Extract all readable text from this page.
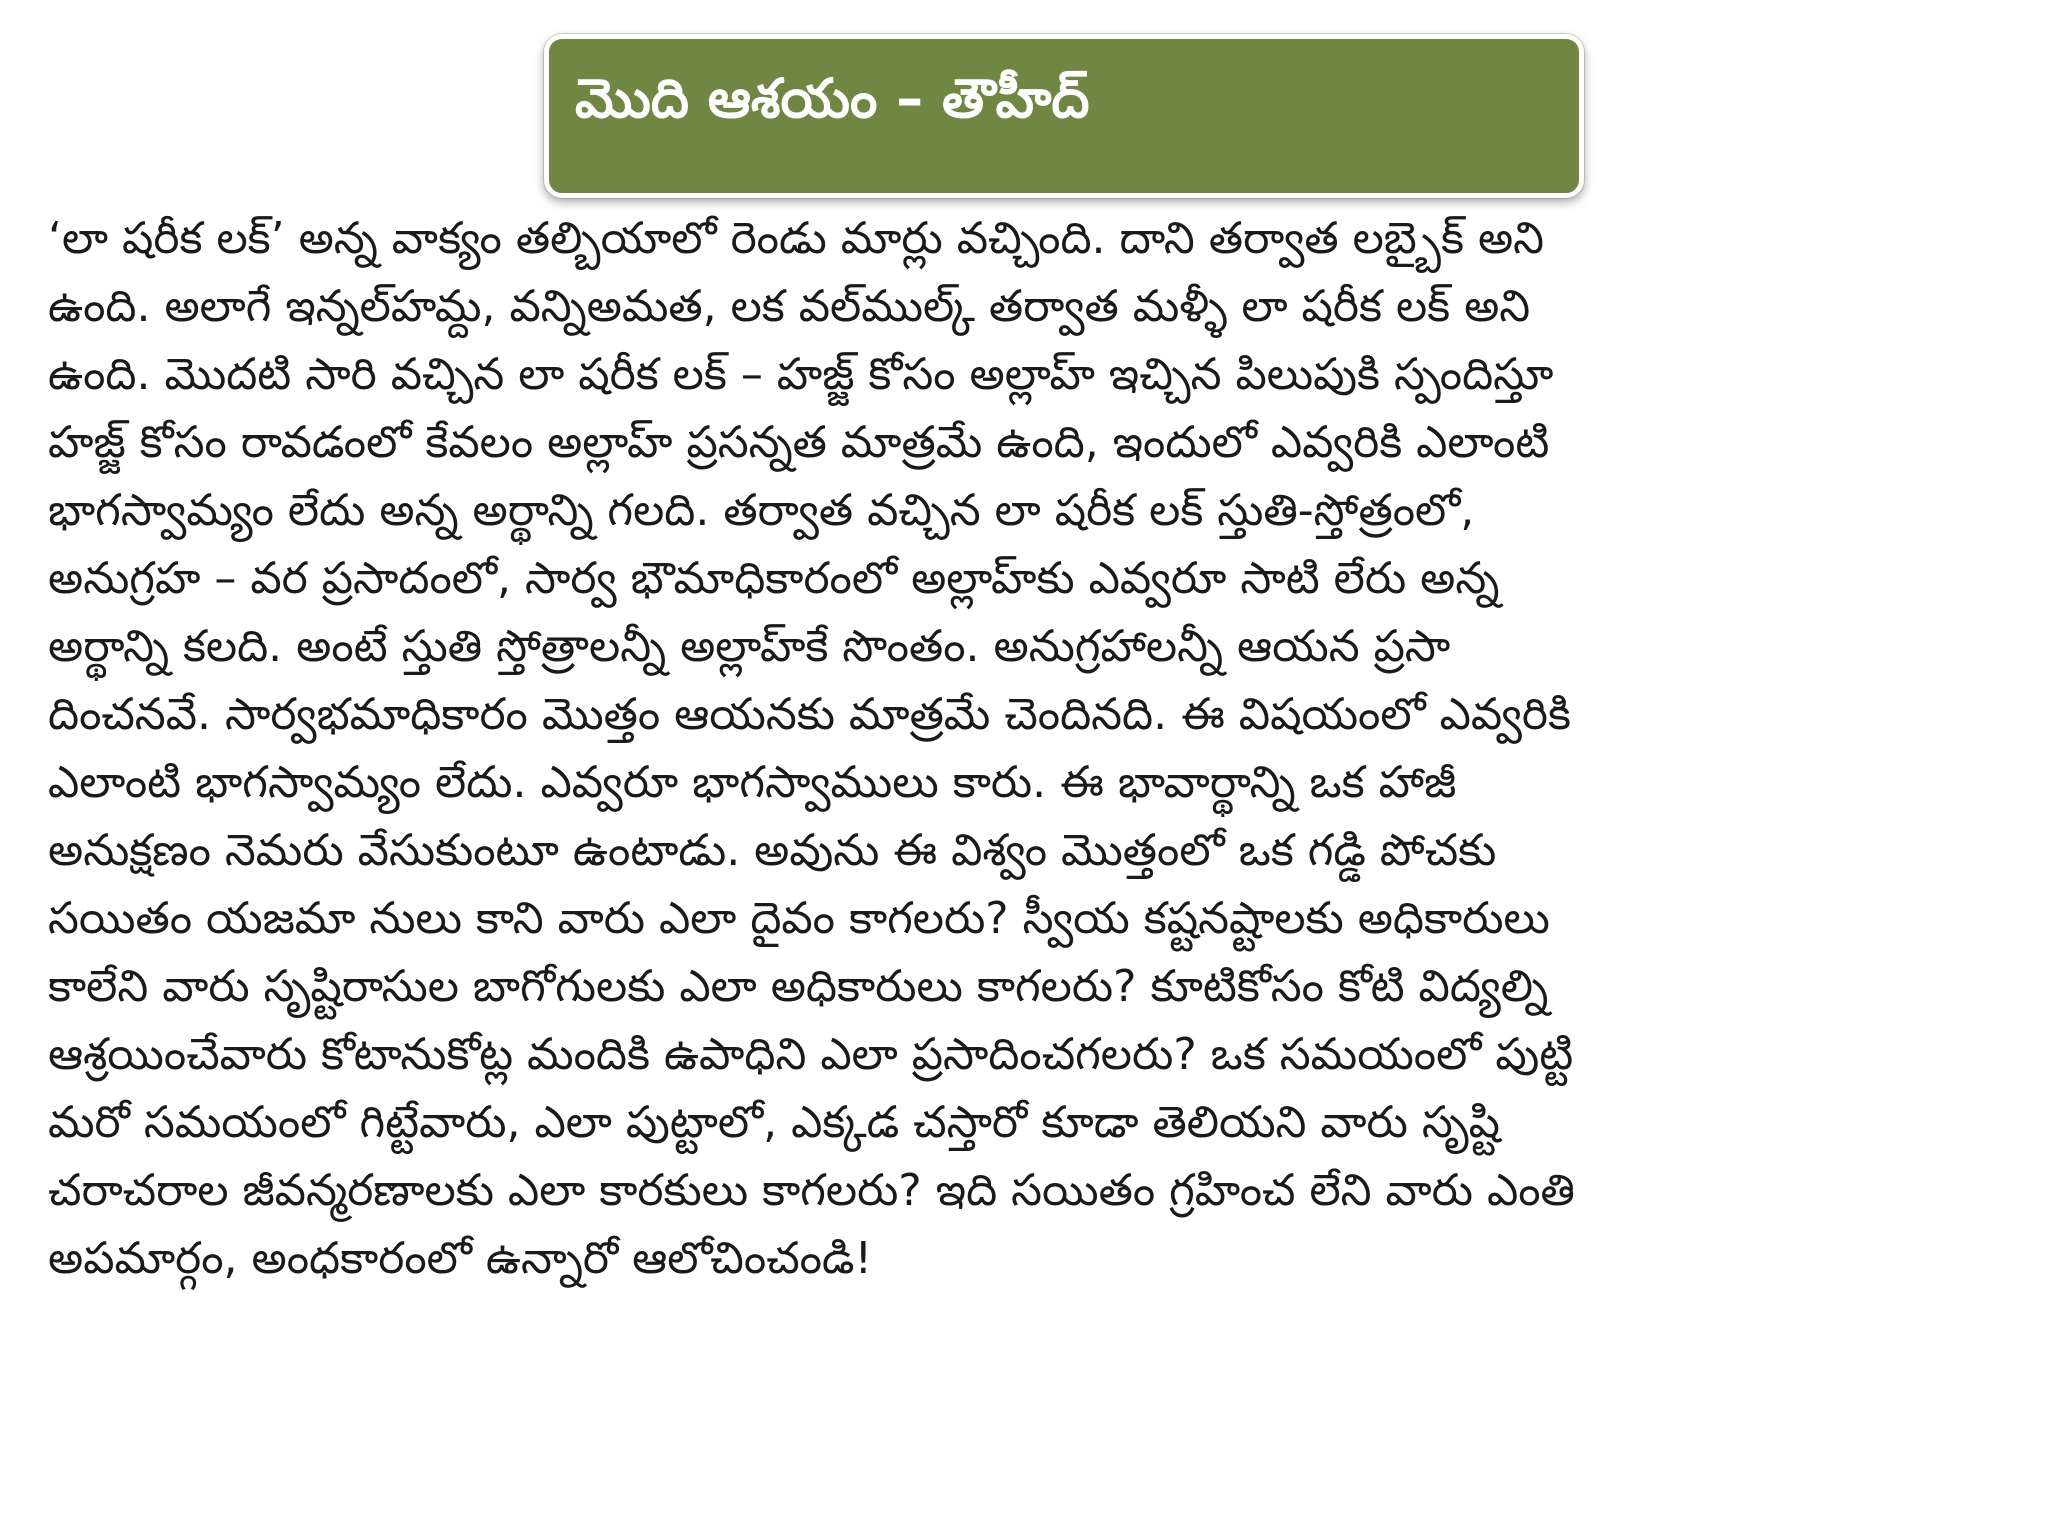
మొది ఆశయం – తౌహీద్
‘లా షరీక లక్’ అన్న వాక్యం తల్బియాలో రెండు మార్లు వచ్చింది. దాని తర్వాత లబ్బైక్ అని
ఉంది. అలాగే ఇన్నల్‌హమ్ద, వన్నిఅమత, లక వల్‌ముల్క్ తర్వాత మళ్ళీ లా షరీక లక్ అని
ఉంది. మొదటి సారి వచ్చిన లా షరీక లక్ – హజ్జ్ కోసం అల్లాహ్ ఇచ్చిన పిలుపుకి స్పందిస్తూ
హజ్జ్ కోసం రావడంలో కేవలం అల్లాహ్ ప్రసన్నత మాత్రమే ఉంది, ఇందులో ఎవ్వరికి ఎలాంటి
భాగస్వామ్యం లేదు అన్న అర్థాన్ని గలది. తర్వాత వచ్చిన లా షరీక లక్ స్తుతి-స్తోత్రంలో,
అనుగ్రహ – వర ప్రసాదంలో, సార్వ భౌమాధికారంలో అల్లాహ్‌కు ఎవ్వరూ సాటి లేరు అన్న
అర్థాన్ని కలది. అంటే స్తుతి స్తోత్రాలన్నీ అల్లాహ్‌కే సొంతం. అనుగ్రహాలన్నీ ఆయన ప్రసా
దించనవే. సార్వభమాధికారం మొత్తం ఆయనకు మాత్రమే చెందినది. ఈ విషయంలో ఎవ్వరికి
ఎలాంటి భాగస్వామ్యం లేదు. ఎవ్వరూ భాగస్వాములు కారు. ఈ భావార్థాన్ని ఒక హాజీ
అనుక్షణం నెమరు వేసుకుంటూ ఉంటాడు. అవును ఈ విశ్వం మొత్తంలో ఒక గడ్డి పోచకు
సయితం యజమా నులు కాని వారు ఎలా దైవం కాగలరు? స్వీయ కష్టనష్టాలకు అధికారులు
కాలేని వారు సృష్టిరాసుల బాగోగులకు ఎలా అధికారులు కాగలరు? కూటికోసం కోటి విద్యల్ని
ఆశ్రయించేవారు కోటానుకోట్ల మందికి ఉపాధిని ఎలా ప్రసాదించగలరు? ఒక సమయంలో పుట్టి
మరో సమయంలో గిట్టేవారు, ఎలా పుట్టాలో, ఎక్కడ చస్తారో కూడా తెలియని వారు సృష్టి
చరాచరాల జీవన్మరణాలకు ఎలా కారకులు కాగలరు? ఇది సయితం గ్రహించ లేని వారు ఎంతి
అపమార్గం, అంధకారంలో ఉన్నారో ఆలోచించండి!
